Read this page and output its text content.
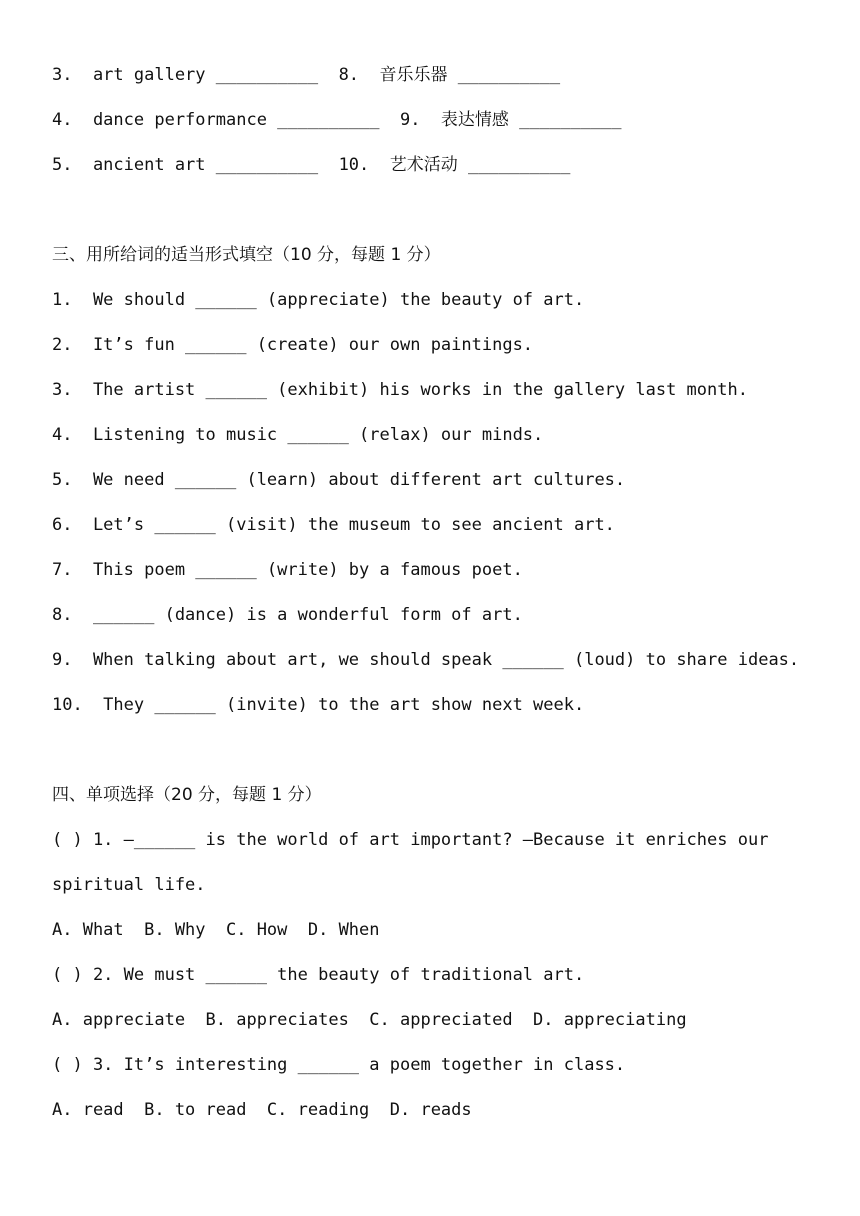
3.  art gallery __________  8.  音乐乐器 __________
4.  dance performance __________  9.  表达情感 __________
5.  ancient art __________  10.  艺术活动 __________
三、用所给词的适当形式填空（10 分，每题 1 分）
1.  We should ______ (appreciate) the beauty of art.
2.  It’s fun ______ (create) our own paintings.
3.  The artist ______ (exhibit) his works in the gallery last month.
4.  Listening to music ______ (relax) our minds.
5.  We need ______ (learn) about different art cultures.
6.  Let’s ______ (visit) the museum to see ancient art.
7.  This poem ______ (write) by a famous poet.
8.  ______ (dance) is a wonderful form of art.
9.  When talking about art, we should speak ______ (loud) to share ideas.
10.  They ______ (invite) to the art show next week.
四、单项选择（20 分，每题 1 分）
( ) 1. —______ is the world of art important? —Because it enriches our
spiritual life.
A. What  B. Why  C. How  D. When
( ) 2. We must ______ the beauty of traditional art.
A. appreciate  B. appreciates  C. appreciated  D. appreciating
( ) 3. It’s interesting ______ a poem together in class.
A. read  B. to read  C. reading  D. reads
